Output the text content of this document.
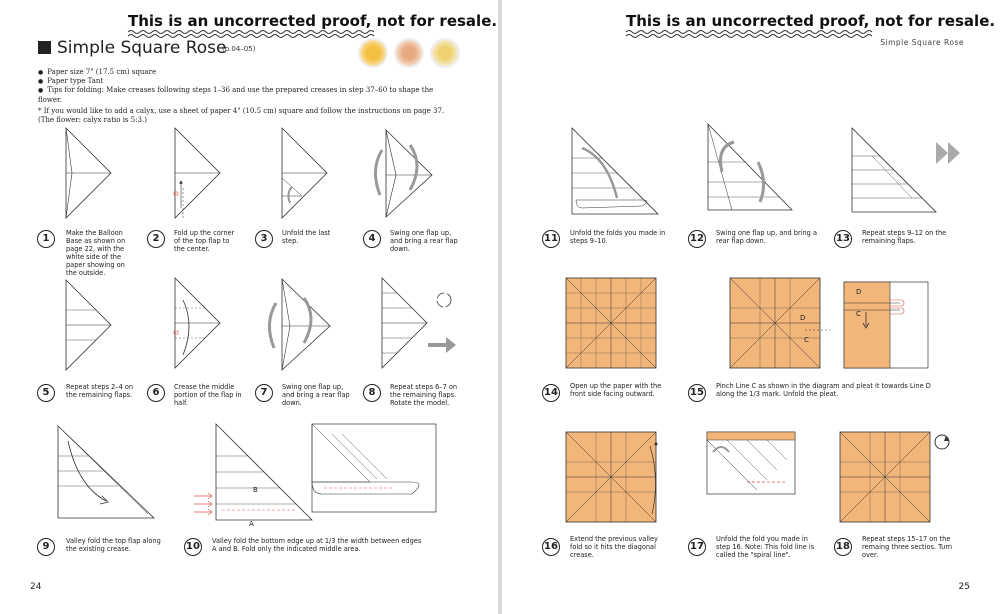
This is an uncorrected proof, not for resale.
Simple Square Rose
(p.04–05)
● Paper size 7" (17.5 cm) square
● Paper type Tant
● Tips for folding: Make creases following steps 1–36 and use the prepared creases in step 37–60 to shape the flower.
* If you would like to add a calyx, use a sheet of paper 4" (10.5 cm) square and follow the instructions on page 37. (The flower: calyx ratio is 5:3.)
1	Make the Balloon Base as shown on page 22, with the white side of the paper showing on the outside.
2	Fold up the corner of the top flap to the center.
3	Unfold the last step.	4	Swing one flap up, and bring a rear flap down.
5	Repeat steps 2–4 on the remaining flaps.	6	Crease the middle portion of the flap in half.
7	Swing one flap up, and bring a rear flap down.
8	Repeat steps 6–7 on the remaining flaps. Rotate the model.
B
A
9	Valley fold the top flap along the existing crease.	10	Valley fold the bottom edge up at 1/3 the width between edges A and B. Fold only the indicated middle area.
24
This is an uncorrected proof, not for resale.
Simple Square Rose
11	Unfold the folds you made in steps 9–10.	12	Swing one flap up, and bring a rear flap down.	13	Repeat steps 9–12 on the remaining flaps.
D
C
D
C
14
Open up the paper with the front side facing outward.	15
Pinch Line C as shown in the diagram and pleat it towards Line D along the 1/3 mark. Unfold the pleat.
16
Extend the previous valley fold so it hits the diagonal crease.
17
Unfold the fold you made in step 16. Note: This fold line is called the "spiral line".
18
Repeat steps 15–17 on the remaing three sectios. Turn over.
25
